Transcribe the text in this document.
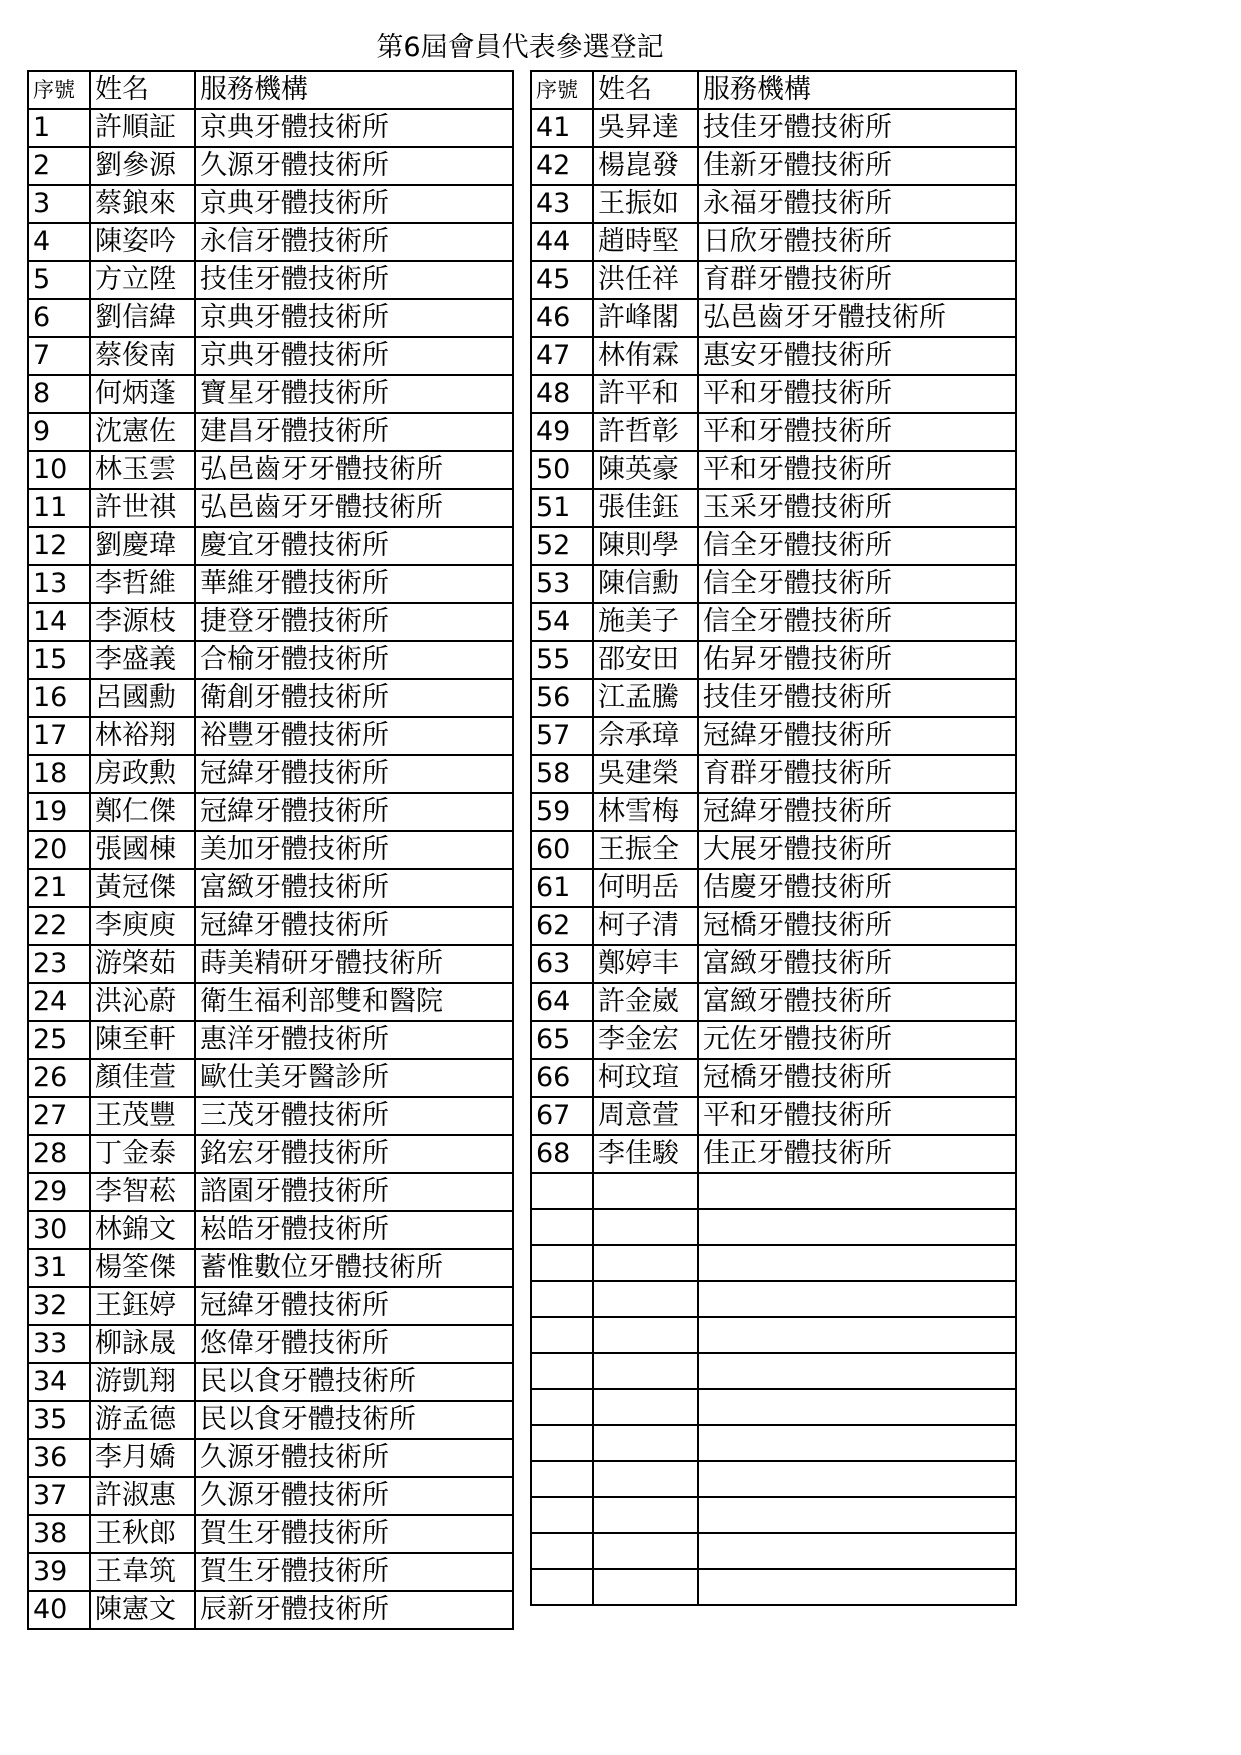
第6屆會員代表參選登記
序號	姓名	服務機構
1	許順証	京典牙體技術所
2	劉參源	久源牙體技術所
3	蔡鋃來	京典牙體技術所
4	陳姿吟	永信牙體技術所
5	方立陞	技佳牙體技術所
6	劉信緯	京典牙體技術所
7	蔡俊南	京典牙體技術所
8	何炳蓬	寶星牙體技術所
9	沈憲佐	建昌牙體技術所
10	林玉雲	弘邑齒牙牙體技術所
11	許世祺	弘邑齒牙牙體技術所
12	劉慶瑋	慶宜牙體技術所
13	李哲維	華維牙體技術所
14	李源枝	捷登牙體技術所
15	李盛義	合榆牙體技術所
16	呂國勳	衛創牙體技術所
17	林裕翔	裕豐牙體技術所
18	房政勲	冠緯牙體技術所
19	鄭仁傑	冠緯牙體技術所
20	張國棟	美加牙體技術所
21	黃冠傑	富緻牙體技術所
22	李庾庾	冠緯牙體技術所
23	游棨茹	蒔美精研牙體技術所
24	洪沁蔚	衛生福利部雙和醫院
25	陳至軒	惠洋牙體技術所
26	顏佳萱	歐仕美牙醫診所
27	王茂豐	三茂牙體技術所
28	丁金泰	銘宏牙體技術所
29	李智菘	諮園牙體技術所
30	林錦文	崧皓牙體技術所
31	楊筌傑	蓄惟數位牙體技術所
32	王鈺婷	冠緯牙體技術所
33	柳詠晟	悠偉牙體技術所
34	游凱翔	民以食牙體技術所
35	游孟德	民以食牙體技術所
36	李月嬌	久源牙體技術所
37	許淑惠	久源牙體技術所
38	王秋郎	賀生牙體技術所
39	王韋筑	賀生牙體技術所
40	陳憲文	辰新牙體技術所
序號	姓名	服務機構
41	吳昇達	技佳牙體技術所
42	楊崑發	佳新牙體技術所
43	王振如	永福牙體技術所
44	趙時堅	日欣牙體技術所
45	洪任祥	育群牙體技術所
46	許峰閣	弘邑齒牙牙體技術所
47	林侑霖	惠安牙體技術所
48	許平和	平和牙體技術所
49	許哲彰	平和牙體技術所
50	陳英豪	平和牙體技術所
51	張佳鈺	玉采牙體技術所
52	陳則學	信全牙體技術所
53	陳信勳	信全牙體技術所
54	施美子	信全牙體技術所
55	邵安田	佑昇牙體技術所
56	江孟騰	技佳牙體技術所
57	佘承璋	冠緯牙體技術所
58	吳建榮	育群牙體技術所
59	林雪梅	冠緯牙體技術所
60	王振全	大展牙體技術所
61	何明岳	佶慶牙體技術所
62	柯子清	冠橋牙體技術所
63	鄭婷丰	富緻牙體技術所
64	許金崴	富緻牙體技術所
65	李金宏	元佐牙體技術所
66	柯玟瑄	冠橋牙體技術所
67	周意萱	平和牙體技術所
68	李佳駿	佳正牙體技術所
